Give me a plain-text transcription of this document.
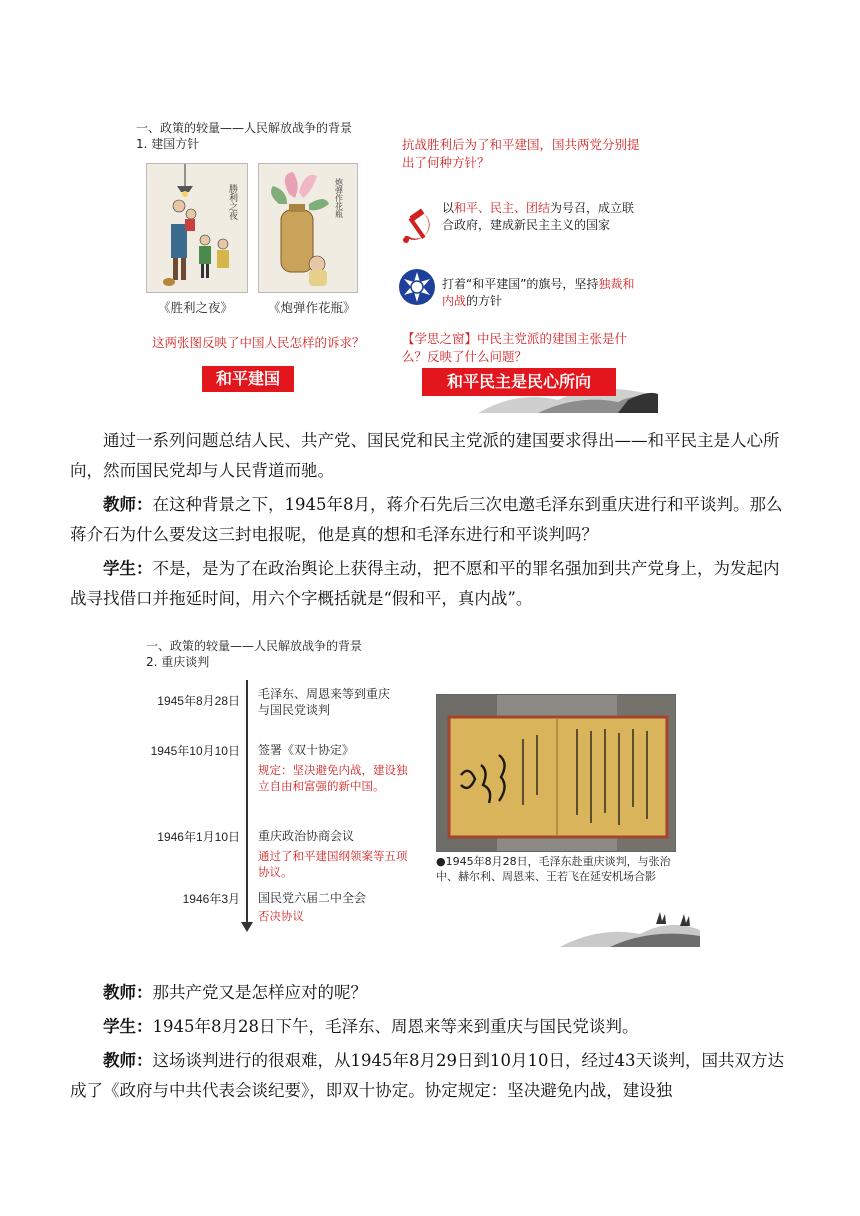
一、政策的较量——人民解放战争的背景
1. 建国方针
勝利之夜
《胜利之夜》
炮弹作花瓶
《炮弹作花瓶》
这两张图反映了中国人民怎样的诉求？
和平建国
抗战胜利后为了和平建国，国共两党分别提出了何种方针？
以和平、民主、团结为号召，成立联合政府，建成新民主主义的国家
打着“和平建国”的旗号，坚持独裁和内战的方针
【学思之窗】中民主党派的建国主张是什么？反映了什么问题？
和平民主是民心所向
通过一系列问题总结人民、共产党、国民党和民主党派的建国要求得出——和平民主是人心所向，然而国民党却与人民背道而驰。
教师：在这种背景之下，1945年8月，蒋介石先后三次电邀毛泽东到重庆进行和平谈判。那么蒋介石为什么要发这三封电报呢，他是真的想和毛泽东进行和平谈判吗？
学生：不是，是为了在政治舆论上获得主动，把不愿和平的罪名强加到共产党身上，为发起内战寻找借口并拖延时间，用六个字概括就是“假和平，真内战”。
一、政策的较量——人民解放战争的背景
2. 重庆谈判
1945年8月28日 毛泽东、周恩来等到重庆与国民党谈判
1945年10月10日 签署《双十协定》
规定：坚决避免内战，建设独立自由和富强的新中国。
1946年1月10日 重庆政治协商会议
通过了和平建国纲领案等五项协议。
1946年3月 国民党六届二中全会
否决协议
●1945年8月28日，毛泽东赴重庆谈判，与张治中、赫尔利、周恩来、王若飞在延安机场合影
教师：那共产党又是怎样应对的呢？
学生：1945年8月28日下午，毛泽东、周恩来等来到重庆与国民党谈判。
教师：这场谈判进行的很艰难，从1945年8月29日到10月10日，经过43天谈判，国共双方达成了《政府与中共代表会谈纪要》，即双十协定。协定规定：坚决避免内战，建设独
